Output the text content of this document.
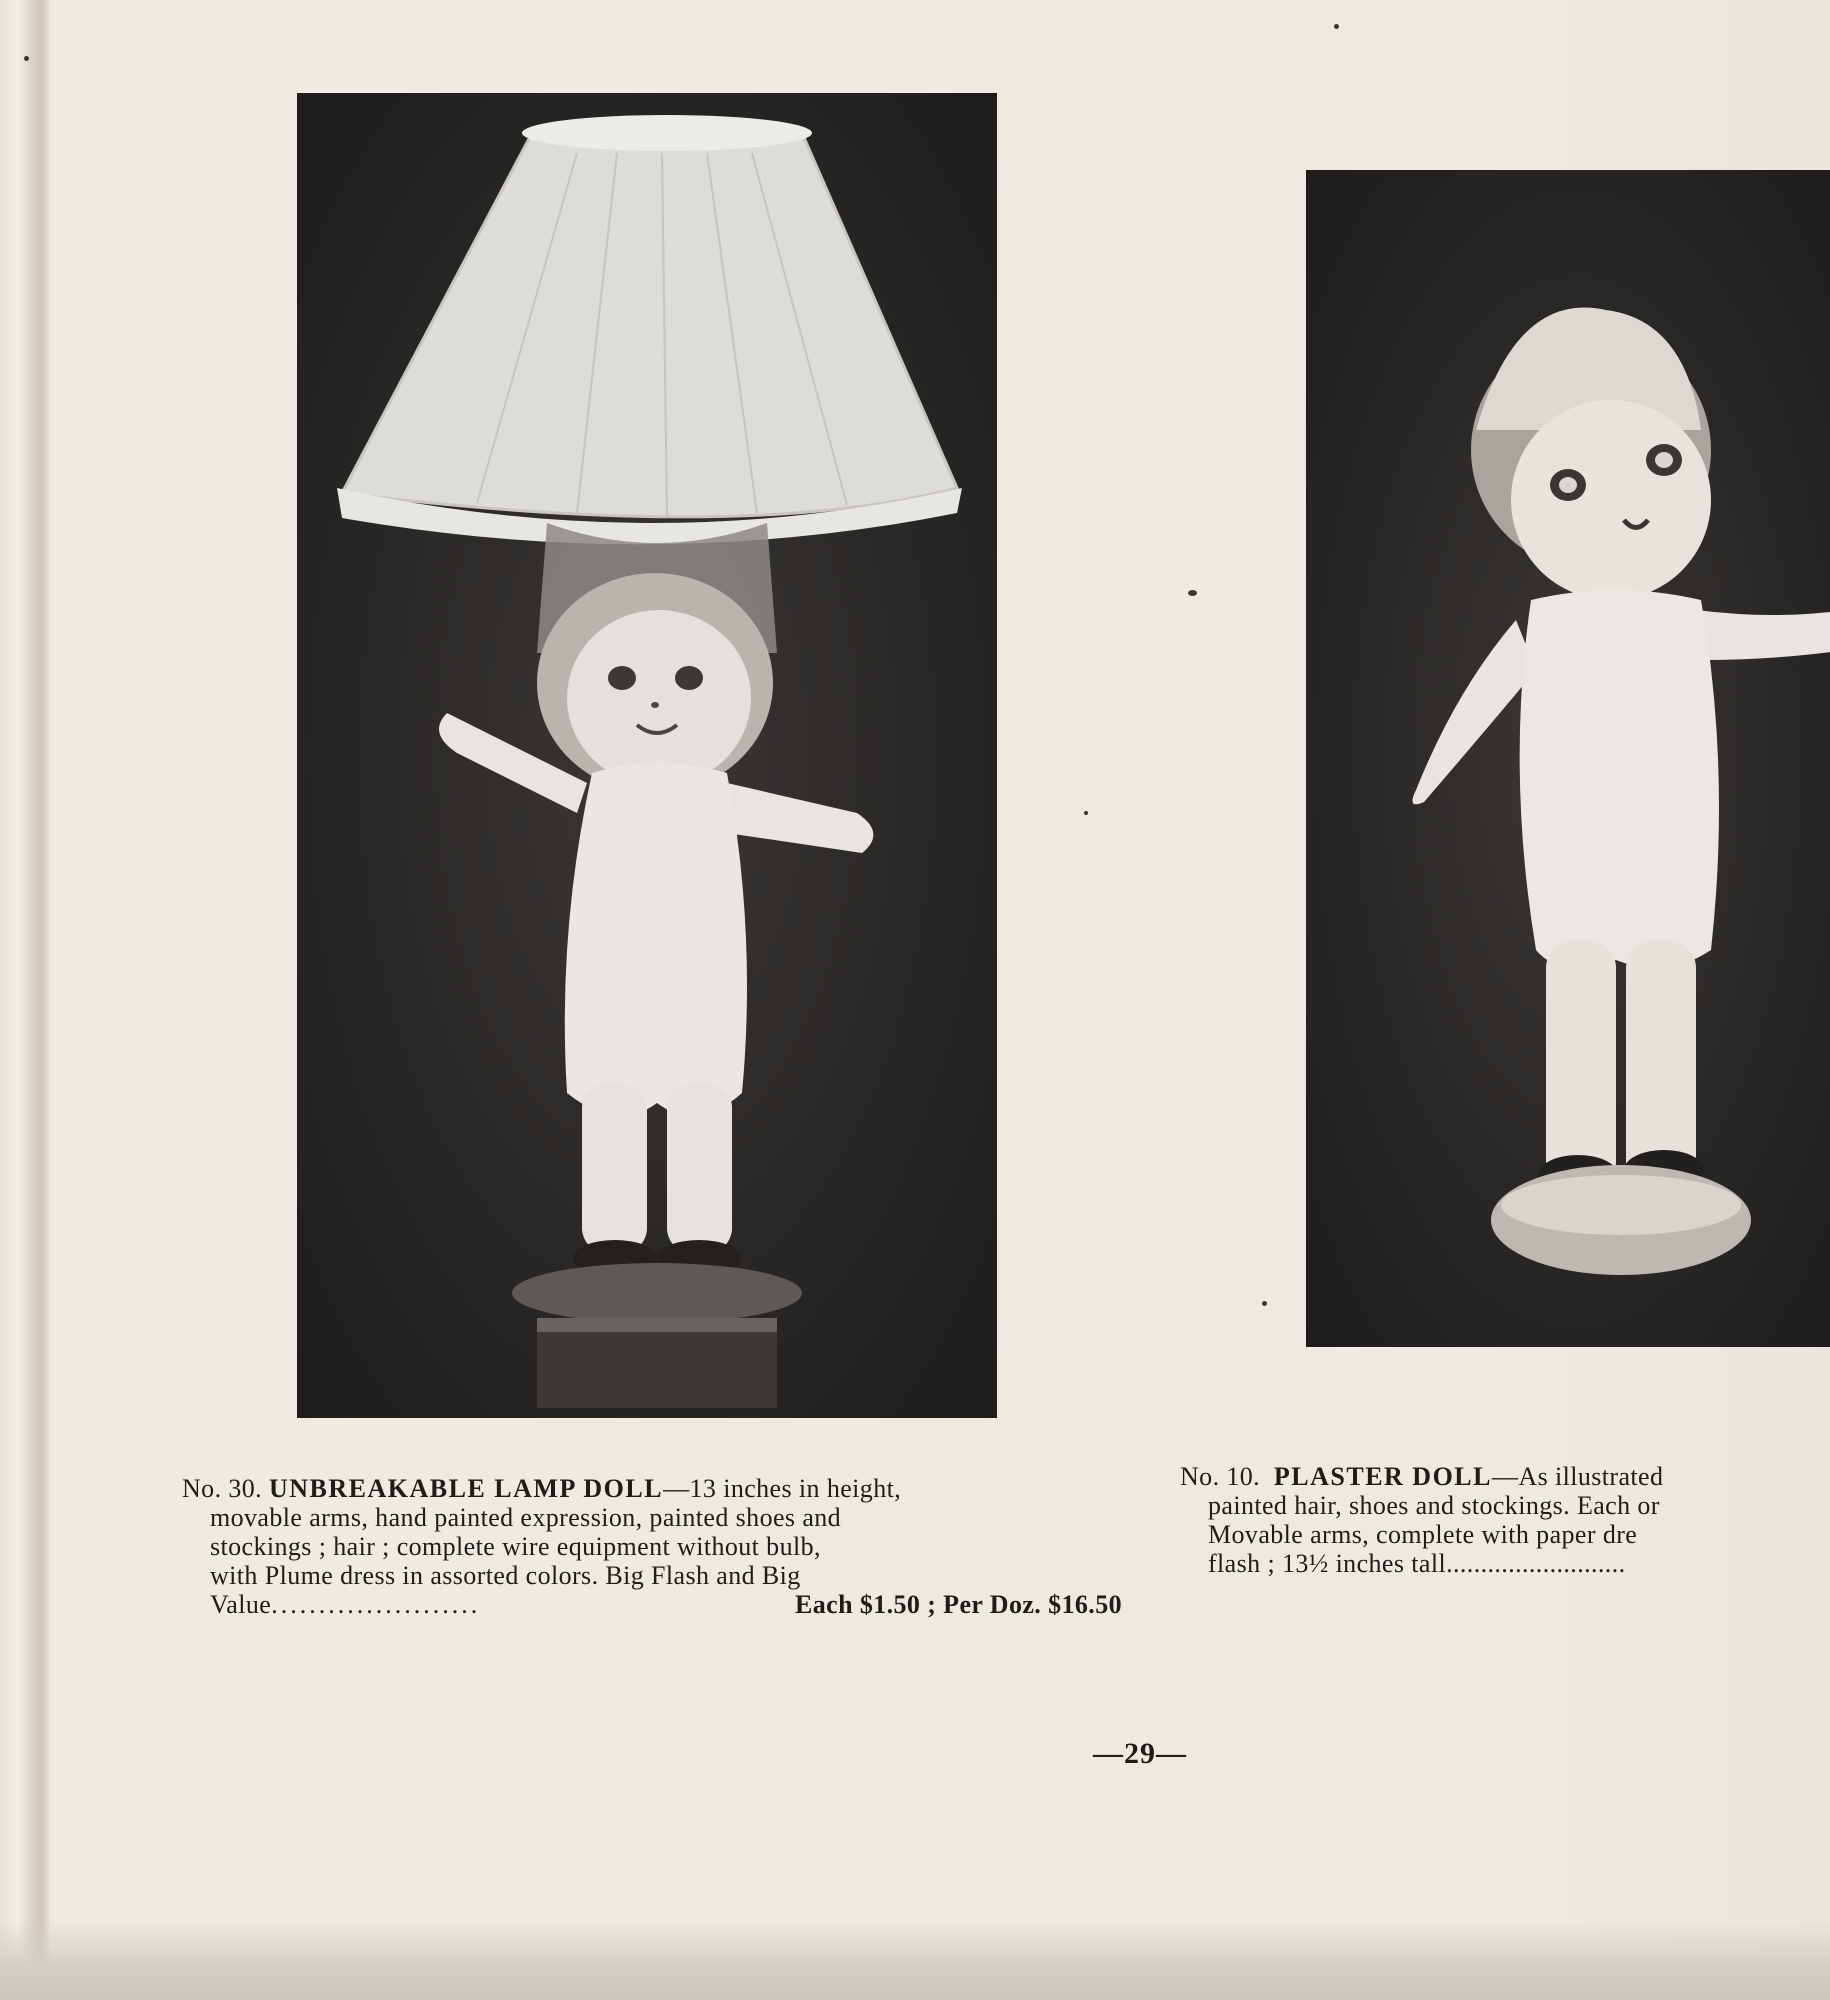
No. 30. UNBREAKABLE LAMP DOLL—13 inches in height,
movable arms, hand painted expression, painted shoes and
stockings ; hair ; complete wire equipment without bulb,
with Plume dress in assorted colors. Big Flash and Big
Value ......................	Each $1.50 ; Per Doz. $16.50
No. 10. PLASTER DOLL—As illustrated
painted hair, shoes and stockings. Each or
Movable arms, complete with paper dre
flash ; 13½ inches tall..........................
—29—
